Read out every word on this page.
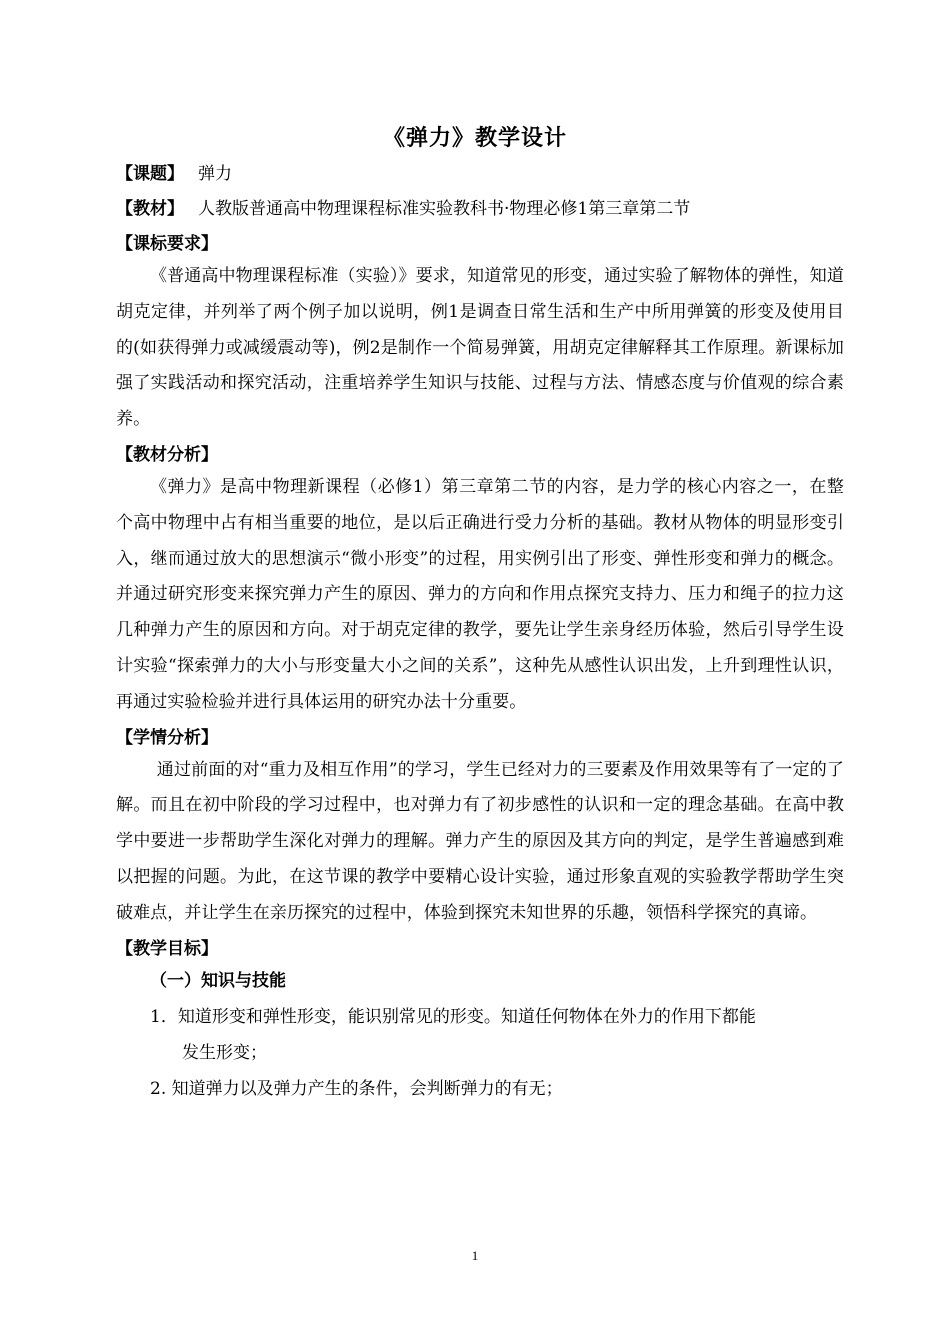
《弹力》教学设计
【课题】 弹力
【教材】 人教版普通高中物理课程标准实验教科书·物理必修1第三章第二节
【课标要求】

《普通高中物理课程标准（实验）》要求，知道常见的形变，通过实验了解物体的弹性，知道胡克定律，并列举了两个例子加以说明，例1是调查日常生活和生产中所用弹簧的形变及使用目的(如获得弹力或减缓震动等)，例2是制作一个简易弹簧，用胡克定律解释其工作原理。新课标加强了实践活动和探究活动，注重培养学生知识与技能、过程与方法、情感态度与价值观的综合素养。

【教材分析】

《弹力》是高中物理新课程（必修1）第三章第二节的内容，是力学的核心内容之一，在整个高中物理中占有相当重要的地位，是以后正确进行受力分析的基础。教材从物体的明显形变引入，继而通过放大的思想演示“微小形变”的过程，用实例引出了形变、弹性形变和弹力的概念。并通过研究形变来探究弹力产生的原因、弹力的方向和作用点探究支持力、压力和绳子的拉力这几种弹力产生的原因和方向。对于胡克定律的教学，要先让学生亲身经历体验，然后引导学生设计实验“探索弹力的大小与形变量大小之间的关系”，这种先从感性认识出发，上升到理性认识，再通过实验检验并进行具体运用的研究办法十分重要。

【学情分析】

通过前面的对“重力及相互作用”的学习，学生已经对力的三要素及作用效果等有了一定的了解。而且在初中阶段的学习过程中，也对弹力有了初步感性的认识和一定的理念基础。在高中教学中要进一步帮助学生深化对弹力的理解。弹力产生的原因及其方向的判定，是学生普遍感到难以把握的问题。为此，在这节课的教学中要精心设计实验，通过形象直观的实验教学帮助学生突破难点，并让学生在亲历探究的过程中，体验到探究未知世界的乐趣，领悟科学探究的真谛。

【教学目标】
（一）知识与技能
1．知道形变和弹性形变，能识别常见的形变。知道任何物体在外力的作用下都能
发生形变；
2. 知道弹力以及弹力产生的条件，会判断弹力的有无；
1
